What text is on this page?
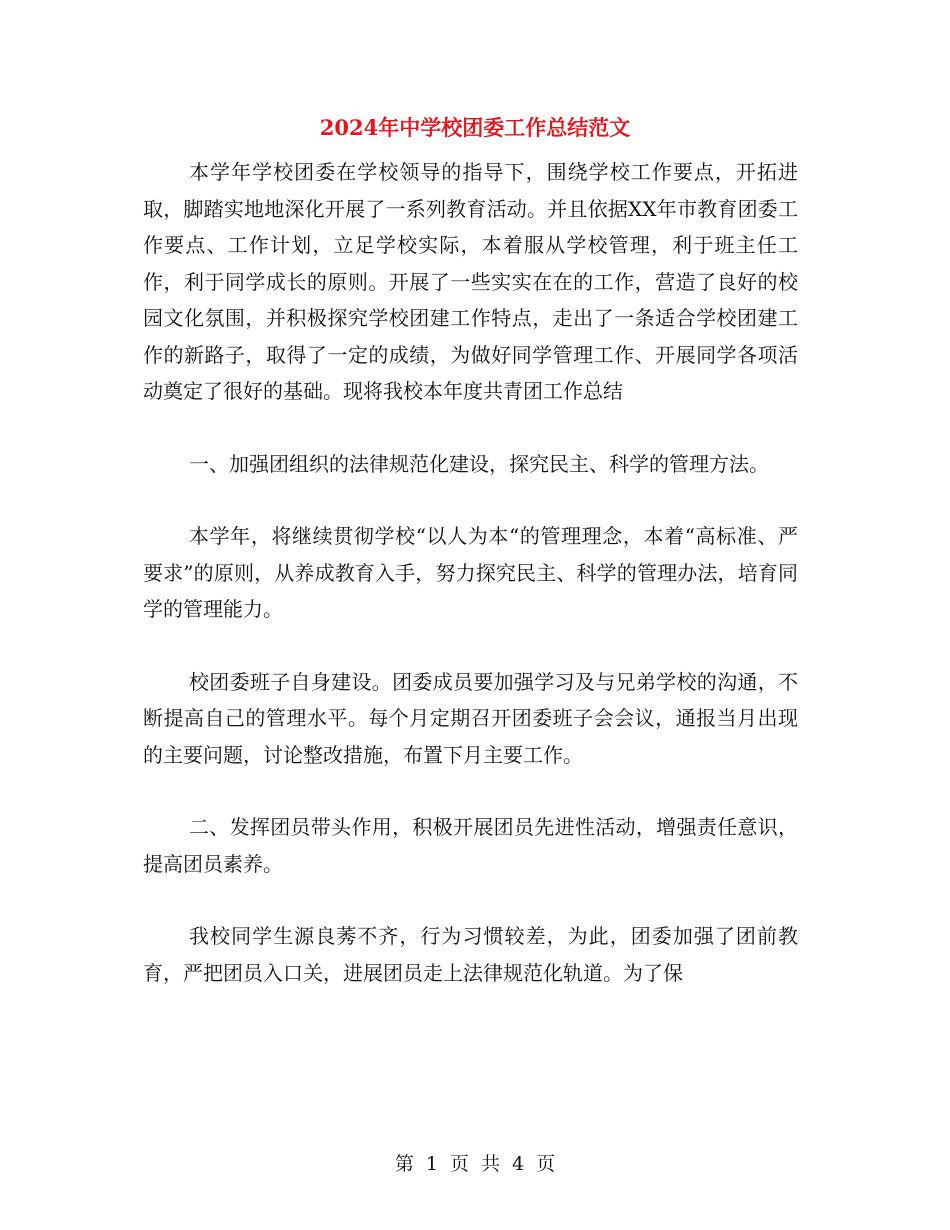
2024年中学校团委工作总结范文

本学年学校团委在学校领导的指导下，围绕学校工作要点，开拓进取，脚踏实地地深化开展了一系列教育活动。并且依据XX年市教育团委工作要点、工作计划，立足学校实际，本着服从学校管理，利于班主任工作，利于同学成长的原则。开展了一些实实在在的工作，营造了良好的校园文化氛围，并积极探究学校团建工作特点，走出了一条适合学校团建工作的新路子，取得了一定的成绩，为做好同学管理工作、开展同学各项活动奠定了很好的基础。现将我校本年度共青团工作总结

一、加强团组织的法律规范化建设，探究民主、科学的管理方法。

本学年，将继续贯彻学校“以人为本“的管理理念，本着“高标准、严要求”的原则，从养成教育入手，努力探究民主、科学的管理办法，培育同学的管理能力。

校团委班子自身建设。团委成员要加强学习及与兄弟学校的沟通，不断提高自己的管理水平。每个月定期召开团委班子会会议，通报当月出现的主要问题，讨论整改措施，布置下月主要工作。

二、发挥团员带头作用，积极开展团员先进性活动，增强责任意识，提高团员素养。

我校同学生源良莠不齐，行为习惯较差，为此，团委加强了团前教育，严把团员入口关，进展团员走上法律规范化轨道。为了保

第 1 页 共 4 页
